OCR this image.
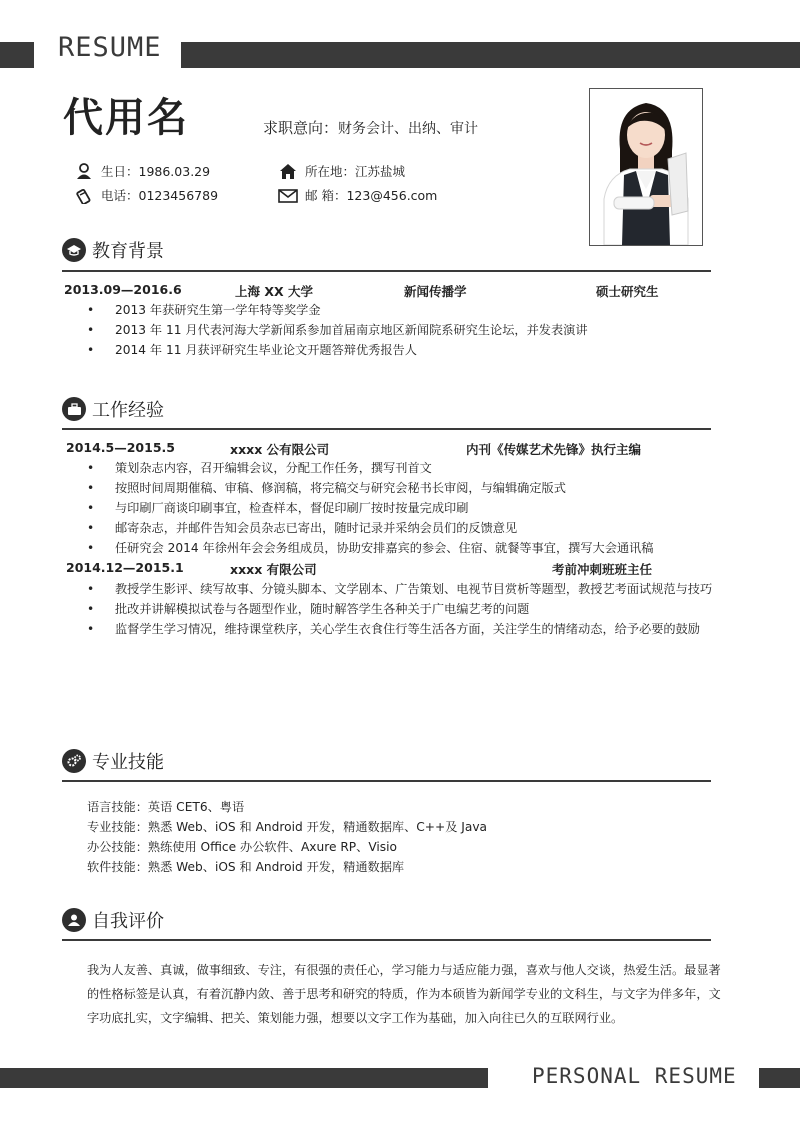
RESUME
PERSONAL RESUME
代用名	求职意向：财务会计、出纳、审计
生日：1986.03.29
电话：0123456789
所在地：江苏盐城
邮 箱：123@456.com
教育背景
2013.09—2016.6	上海 XX 大学	新闻传播学	硕士研究生
• 2013 年获研究生第一学年特等奖学金
• 2013 年 11 月代表河海大学新闻系参加首届南京地区新闻院系研究生论坛，并发表演讲
• 2014 年 11 月获评研究生毕业论文开题答辩优秀报告人
工作经验
2014.5—2015.5	xxxx 公有限公司	内刊《传媒艺术先锋》执行主编
• 策划杂志内容，召开编辑会议，分配工作任务，撰写刊首文
• 按照时间周期催稿、审稿、修润稿，将完稿交与研究会秘书长审阅，与编辑确定版式
• 与印刷厂商谈印刷事宜，检查样本，督促印刷厂按时按量完成印刷
• 邮寄杂志，并邮件告知会员杂志已寄出，随时记录并采纳会员们的反馈意见
• 任研究会 2014 年徐州年会会务组成员，协助安排嘉宾的参会、住宿、就餐等事宜，撰写大会通讯稿
2014.12—2015.1	xxxx 有限公司	考前冲刺班班主任
• 教授学生影评、续写故事、分镜头脚本、文学剧本、广告策划、电视节目赏析等题型，教授艺考面试规范与技巧
• 批改并讲解模拟试卷与各题型作业，随时解答学生各种关于广电编艺考的问题
• 监督学生学习情况，维持课堂秩序，关心学生衣食住行等生活各方面，关注学生的情绪动态，给予必要的鼓励
专业技能
语言技能：英语 CET6、粤语
专业技能：熟悉 Web、iOS 和 Android 开发，精通数据库、C++及 Java
办公技能：熟练使用 Office 办公软件、Axure RP、Visio
软件技能：熟悉 Web、iOS 和 Android 开发，精通数据库
自我评价
我为人友善、真诚，做事细致、专注，有很强的责任心，学习能力与适应能力强，喜欢与他人交谈，热爱生活。最显著的性格标签是认真，有着沉静内敛、善于思考和研究的特质，作为本硕皆为新闻学专业的文科生，与文字为伴多年，文字功底扎实，文字编辑、把关、策划能力强，想要以文字工作为基础，加入向往已久的互联网行业。
